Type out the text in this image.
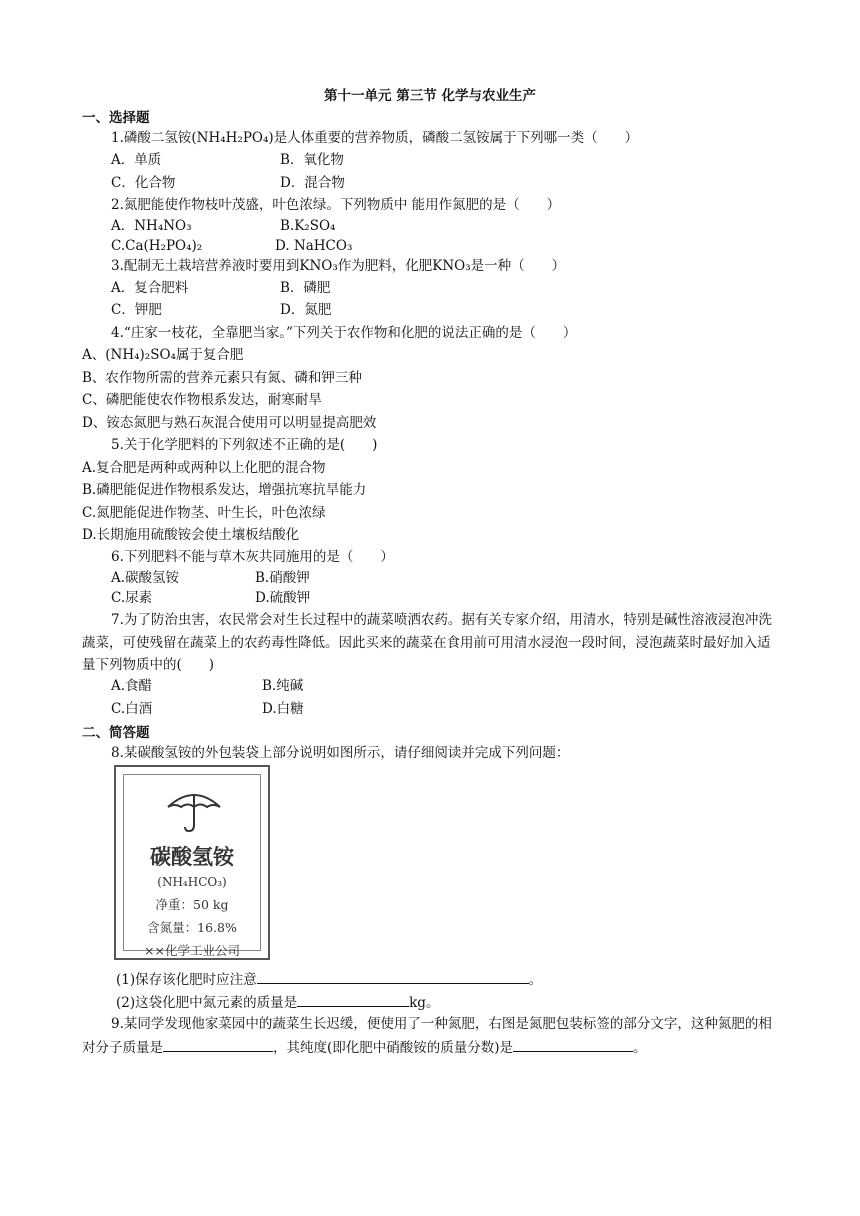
第十一单元 第三节 化学与农业生产
一、选择题
1.磷酸二氢铵(NH₄H₂PO₄)是人体重要的营养物质，磷酸二氢铵属于下列哪一类（　　）
A．单质	B．氧化物
C．化合物	D．混合物
2.氮肥能使作物枝叶茂盛，叶色浓绿。下列物质中 能用作氮肥的是（　　）
A．NH₄NO₃	B.K₂SO₄
C.Ca(H₂PO₄)₂	D. NaHCO₃
3.配制无土栽培营养液时要用到KNO₃作为肥料，化肥KNO₃是一种（　　）
A．复合肥料	B．磷肥
C．钾肥	D．氮肥
4.“庄家一枝花，全靠肥当家。”下列关于农作物和化肥的说法正确的是（　　）
A、(NH₄)₂SO₄属于复合肥
B、农作物所需的营养元素只有氮、磷和钾三种
C、磷肥能使农作物根系发达，耐寒耐旱
D、铵态氮肥与熟石灰混合使用可以明显提高肥效
5.关于化学肥料的下列叙述不正确的是(　　)
A.复合肥是两种或两种以上化肥的混合物
B.磷肥能促进作物根系发达，增强抗寒抗旱能力
C.氮肥能促进作物茎、叶生长，叶色浓绿
D.长期施用硫酸铵会使土壤板结酸化
6.下列肥料不能与草木灰共同施用的是（　　）
A.碳酸氢铵	B.硝酸钾
C.尿素	D.硫酸钾
7.为了防治虫害，农民常会对生长过程中的蔬菜喷洒农药。据有关专家介绍，用清水，特别是碱性溶液浸泡冲洗蔬菜，可使残留在蔬菜上的农药毒性降低。因此买来的蔬菜在食用前可用清水浸泡一段时间，浸泡蔬菜时最好加入适量下列物质中的(　　)
A.食醋	B.纯碱
C.白酒	D.白糖
二、简答题
8.某碳酸氢铵的外包装袋上部分说明如图所示，请仔细阅读并完成下列问题：
碳酸氢铵
(NH₄HCO₃)
净重：50 kg
含氮量：16.8%
××化学工业公司
(1)保存该化肥时应注意	。
(2)这袋化肥中氮元素的质量是	kg。
9.某同学发现他家菜园中的蔬菜生长迟缓，便使用了一种氮肥，右图是氮肥包装标签的部分文字，这种氮肥的相对分子质量是	，其纯度(即化肥中硝酸铵的质量分数)是	。
